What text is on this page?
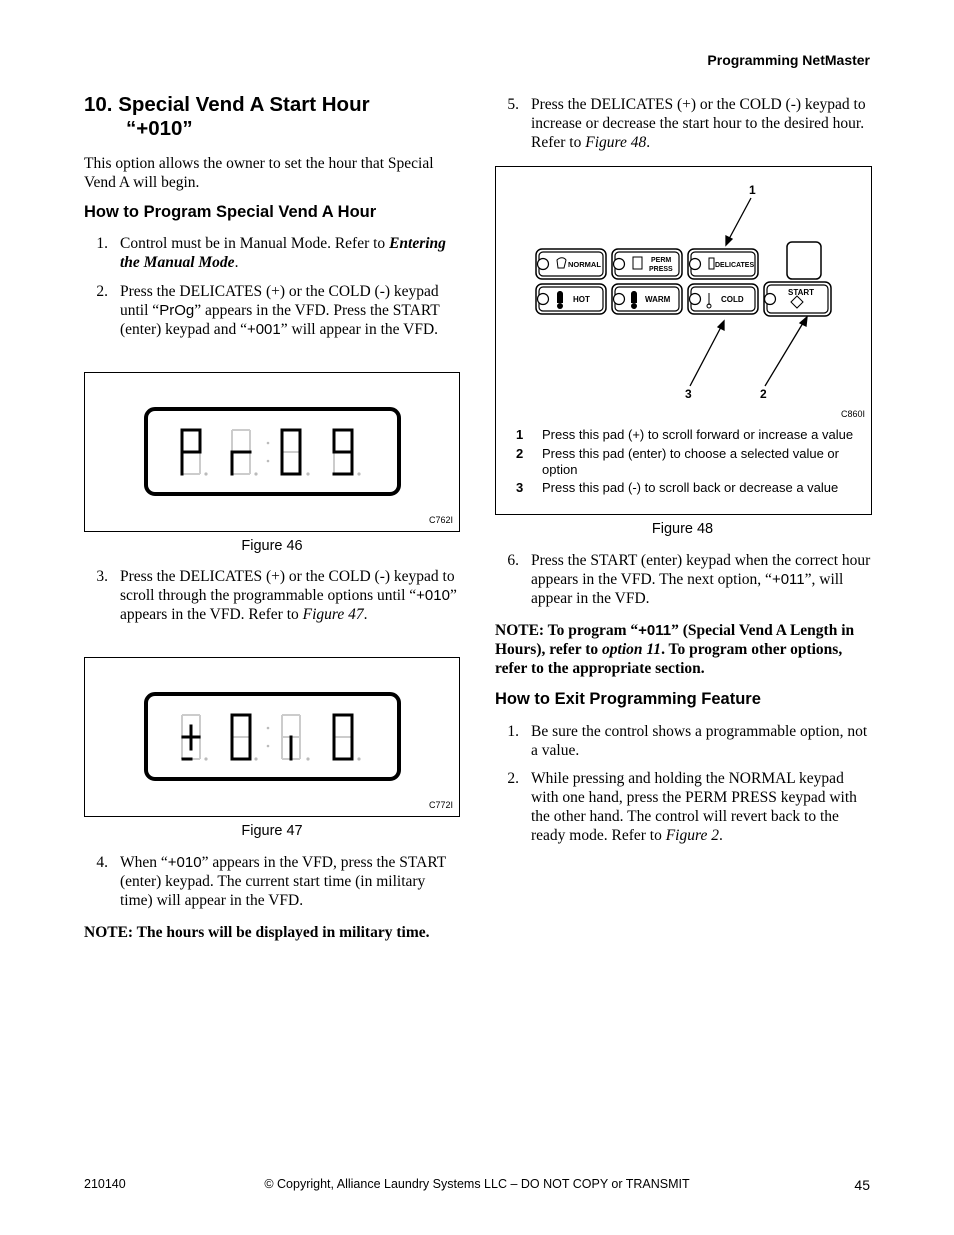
Programming NetMaster
10. Special Vend A Start Hour
“+010”
This option allows the owner to set the hour that Special Vend A will begin.
How to Program Special Vend A Hour
1. Control must be in Manual Mode. Refer to Entering the Manual Mode.
2. Press the DELICATES (+) or the COLD (-) keypad until “PrOg” appears in the VFD. Press the START (enter) keypad and “+001” will appear in the VFD.
C762I
Figure 46
3. Press the DELICATES (+) or the COLD (-) keypad to scroll through the programmable options until “+010” appears in the VFD. Refer to Figure 47.
C772I
Figure 47
4. When “+010” appears in the VFD, press the START (enter) keypad. The current start time (in military time) will appear in the VFD.
NOTE: The hours will be displayed in military time.
5. Press the DELICATES (+) or the COLD (-) keypad to increase or decrease the start hour to the desired hour. Refer to Figure 48.
1
2
3
NORMAL	PERM
PRESS
DELICATES
HOT	WARM	COLD
START
C860I
1 Press this pad (+) to scroll forward or increase a value
2 Press this pad (enter) to choose a selected value or option
3 Press this pad (-) to scroll back or decrease a value
Figure 48
6. Press the START (enter) keypad when the correct hour appears in the VFD. The next option, “+011”, will appear in the VFD.
NOTE: To program “+011” (Special Vend A Length in Hours), refer to option 11. To program other options, refer to the appropriate section.
How to Exit Programming Feature
1. Be sure the control shows a programmable option, not a value.
2. While pressing and holding the NORMAL keypad with one hand, press the PERM PRESS keypad with the other hand. The control will revert back to the ready mode. Refer to Figure 2.
210140	© Copyright, Alliance Laundry Systems LLC – DO NOT COPY or TRANSMIT	45
